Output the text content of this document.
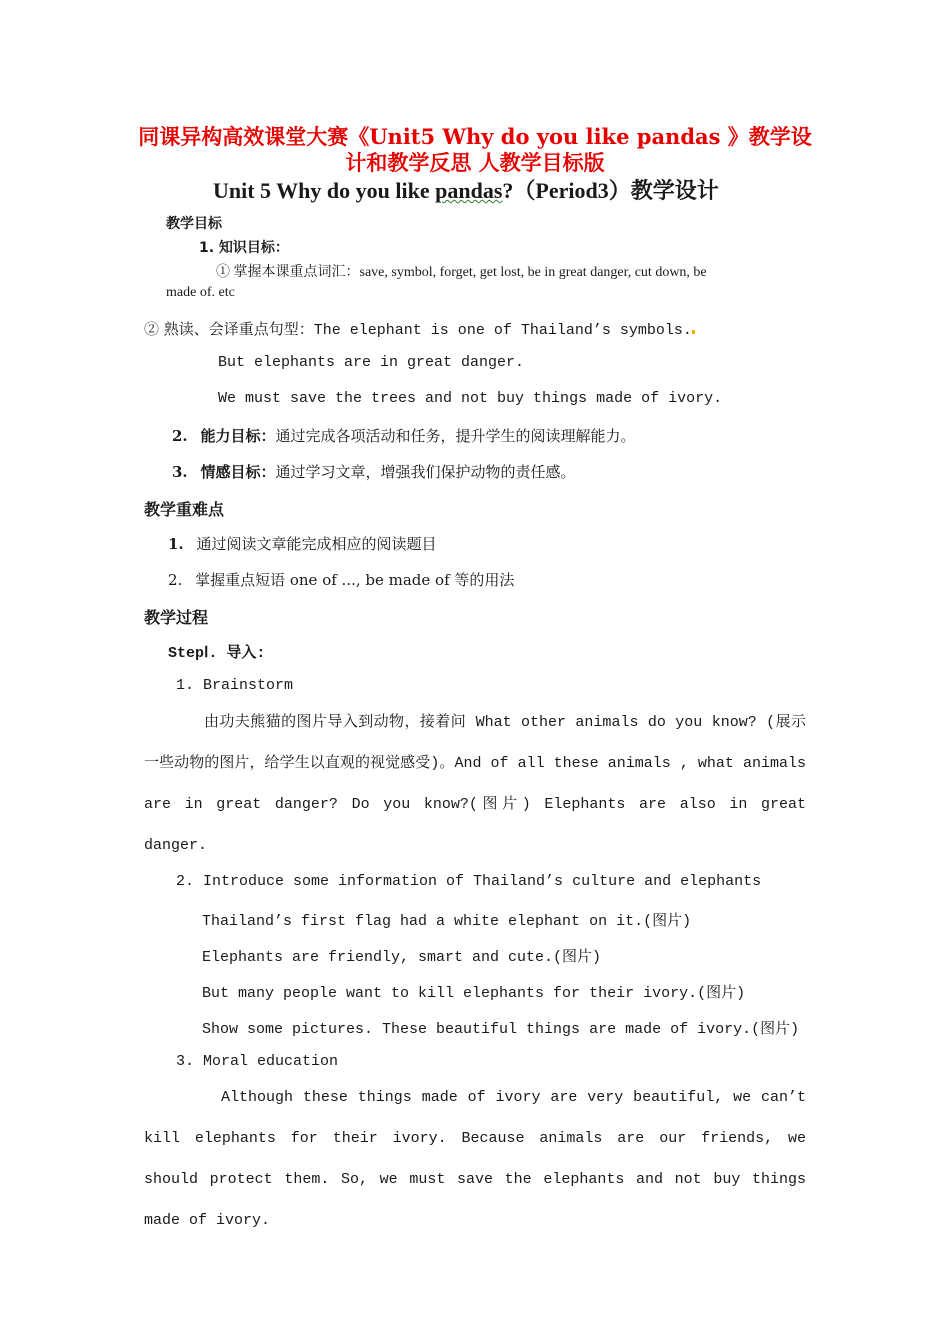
同课异构高效课堂大赛《Unit5 Why do you like pandas 》教学设
计和教学反思 人教学目标版
Unit 5 Why do you like pandas?（Period3）教学设计
教学目标
1. 知识目标：
① 掌握本课重点词汇：save, symbol, forget, get lost, be in great danger, cut down, be
made of. etc
② 熟读、会译重点句型：The elephant is one of Thailand’s symbols.
But elephants are in great danger.
We must save the trees and not buy things made of ivory.
2. 能力目标：通过完成各项活动和任务，提升学生的阅读理解能力。
3. 情感目标：通过学习文章，增强我们保护动物的责任感。
教学重难点
1. 通过阅读文章能完成相应的阅读题目
2. 掌握重点短语 one of ..., be made of 等的用法
教学过程
StepⅠ. 导入:
1. Brainstorm
由功夫熊猫的图片导入到动物，接着问 What other animals do you know? (展示一些动物的图片，给学生以直观的视觉感受)。And of all these animals , what animals are in great danger? Do you know?(图片) Elephants are also in great danger.
2. Introduce some information of Thailand’s culture and elephants
Thailand’s first flag had a white elephant on it.(图片)
Elephants are friendly, smart and cute.(图片)
But many people want to kill elephants for their ivory.(图片)
Show some pictures. These beautiful things are made of ivory.(图片)
3. Moral education
Although these things made of ivory are very beautiful, we can’t kill elephants for their ivory. Because animals are our friends, we should protect them. So, we must save the elephants and not buy things made of ivory.
